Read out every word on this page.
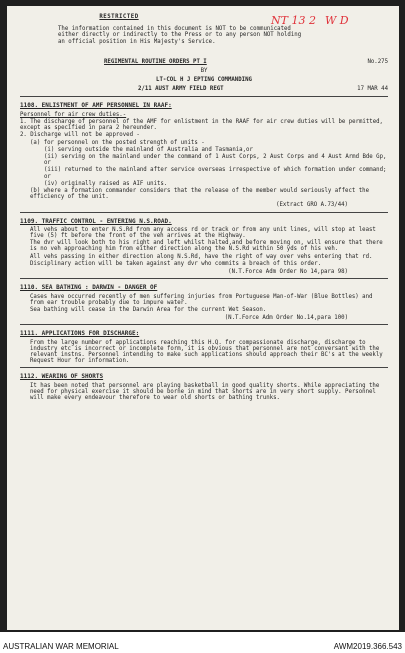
NT 13 2 W D
RESTRICTED
The information contained in this document is NOT to be communicated either directly or indirectly to the Press or to any person NOT holding an official position in His Majesty's Service.
REGIMENTAL ROUTINE ORDERS PT I	No.275
BY
LT-COL H J EPTING COMMANDING
2/11 AUST ARMY FIELD REGT	17 MAR 44
1108. ENLISTMENT OF AMF PERSONNEL IN RAAF:
Personnel for air crew duties.-

1. The discharge of personnel of the AMF for enlistment in the RAAF for air crew duties will be permitted, except as specified in para 2 hereunder.

2. Discharge will not be approved -

(a) for personnel on the posted strength of units -

(i) serving outside the mainland of Australia and Tasmania,or

(ii) serving on the mainland under the command of 1 Aust Corps, 2 Aust Corps and 4 Aust Armd Bde Gp, or

(iii) returned to the mainland after service overseas irrespective of which formation under command; or

(iv) originally raised as AIF units.

(b) where a formation commander considers that the release of the member would seriously affect the efficiency of the unit.

(Extract GRO A.73/44)
1109. TRAFFIC CONTROL - ENTERING N.S.ROAD.

All vehs about to enter N.S.Rd from any access rd or track or from any unit lines, will stop at least five (5) ft before the front of the veh arrives at the Highway.

The dvr will look both to his right and left whilst halted,and before moving on, will ensure that there is no veh approaching him from either direction along the N.S.Rd within 50 yds of his veh.

All vehs passing in either direction along N.S.Rd, have the right of way over vehs entering that rd.

Disciplinary action will be taken against any dvr who commits a breach of this order.

(N.T.Force Adm Order No 14,para 98)
1110. SEA BATHING : DARWIN - DANGER OF

Cases have occurred recently of men suffering injuries from Portuguese Man-of-War (Blue Bottles) and from ear trouble probably due to impure water.

Sea bathing will cease in the Darwin Area for the current Wet Season.

(N.T.Force Adm Order No.14,para 100)
1111. APPLICATIONS FOR DISCHARGE:

From the large number of applications reaching this H.Q. for compassionate discharge, discharge to industry etc is incorrect or incomplete form, it is obvious that personnel are not conversant with the relevant instns. Personnel intending to make such applications should approach their BC's at the weekly Request Hour for information.

1112. WEARING OF SHORTS

It has been noted that personnel are playing basketball in good quality shorts. While appreciating the need for physical exercise it should be borne in mind that shorts are in very short supply. Personnel will make every endeavour therefore to wear old shorts or bathing trunks.

AUSTRALIAN WAR MEMORIAL	AWM2019.366.543
